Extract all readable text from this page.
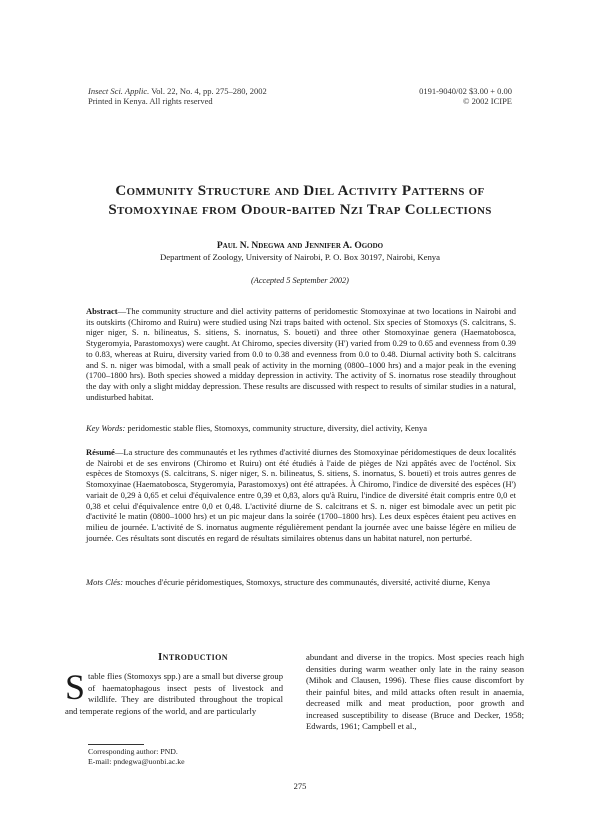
Insect Sci. Applic. Vol. 22, No. 4, pp. 275–280, 2002
Printed in Kenya. All rights reserved
0191-9040/02 $3.00 + 0.00
© 2002 ICIPE
Community Structure and Diel Activity Patterns of
Stomoxyinae from Odour-baited Nzi Trap Collections
Paul N. Ndegwa and Jennifer A. Ogodo
Department of Zoology, University of Nairobi, P. O. Box 30197, Nairobi, Kenya
(Accepted 5 September 2002)
Abstract—The community structure and diel activity patterns of peridomestic Stomoxyinae at two locations in Nairobi and its outskirts (Chiromo and Ruiru) were studied using Nzi traps baited with octenol. Six species of Stomoxys (S. calcitrans, S. niger niger, S. n. bilineatus, S. sitiens, S. inornatus, S. boueti) and three other Stomoxyinae genera (Haematobosca, Stygeromyia, Parastomoxys) were caught. At Chiromo, species diversity (H') varied from 0.29 to 0.65 and evenness from 0.39 to 0.83, whereas at Ruiru, diversity varied from 0.0 to 0.38 and evenness from 0.0 to 0.48. Diurnal activity both S. calcitrans and S. n. niger was bimodal, with a small peak of activity in the morning (0800–1000 hrs) and a major peak in the evening (1700–1800 hrs). Both species showed a midday depression in activity. The activity of S. inornatus rose steadily throughout the day with only a slight midday depression. These results are discussed with respect to results of similar studies in a natural, undisturbed habitat.
Key Words: peridomestic stable flies, Stomoxys, community structure, diversity, diel activity, Kenya
Résumé—La structure des communautés et les rythmes d'activité diurnes des Stomoxyinae péridomestiques de deux localités de Nairobi et de ses environs (Chiromo et Ruiru) ont été étudiés à l'aide de pièges de Nzi appâtés avec de l'octénol. Six espèces de Stomoxys (S. calcitrans, S. niger niger, S. n. bilineatus, S. sitiens, S. inornatus, S. boueti) et trois autres genres de Stomoxyinae (Haematobosca, Stygeromyia, Parastomoxys) ont été attrapées. À Chiromo, l'indice de diversité des espèces (H') variait de 0,29 à 0,65 et celui d'équivalence entre 0,39 et 0,83, alors qu'à Ruiru, l'indice de diversité était compris entre 0,0 et 0,38 et celui d'équivalence entre 0,0 et 0,48. L'activité diurne de S. calcitrans et S. n. niger est bimodale avec un petit pic d'activité le matin (0800–1000 hrs) et un pic majeur dans la soirée (1700–1800 hrs). Les deux espèces étaient peu actives en milieu de journée. L'activité de S. inornatus augmente régulièrement pendant la journée avec une baisse légère en milieu de journée. Ces résultats sont discutés en regard de résultats similaires obtenus dans un habitat naturel, non perturbé.
Mots Clés: mouches d'écurie péridomestiques, Stomoxys, structure des communautés, diversité, activité diurne, Kenya
Introduction
Stable flies (Stomoxys spp.) are a small but diverse group of haematophagous insect pests of livestock and wildlife. They are distributed throughout the tropical and temperate regions of the world, and are particularly
abundant and diverse in the tropics. Most species reach high densities during warm weather only late in the rainy season (Mihok and Clausen, 1996). These flies cause discomfort by their painful bites, and mild attacks often result in anaemia, decreased milk and meat production, poor growth and increased susceptibility to disease (Bruce and Decker, 1958; Edwards, 1961; Campbell et al.,
Corresponding author: PND.
E-mail: pndegwa@uonbi.ac.ke
275
